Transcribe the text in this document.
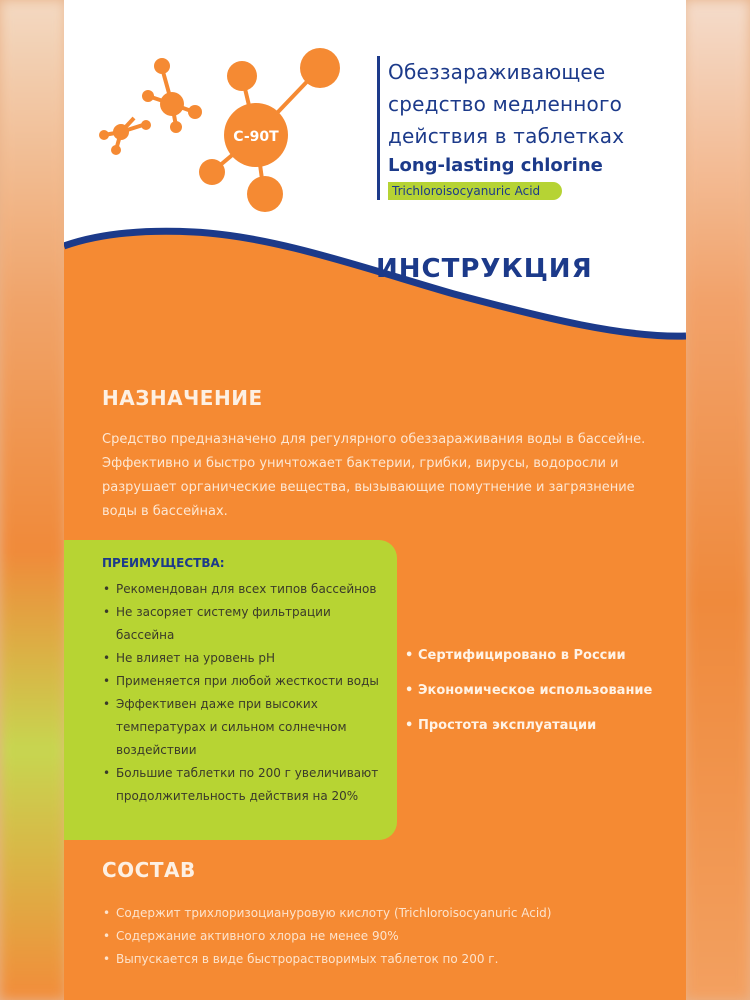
C-90T
Обеззараживающее
средство медленного
действия в таблетках
Long-lasting chlorine
Trichloroisocyanuric Acid
ИНСТРУКЦИЯ
НАЗНАЧЕНИЕ
Средство предназначено для регулярного обеззараживания воды в бассейне. Эффективно и быстро уничтожает бактерии, грибки, вирусы, водоросли и разрушает органические вещества, вызывающие помутнение и загрязнение воды в бассейнах.
ПРЕИМУЩЕСТВА:
• Рекомендован для всех типов бассейнов
• Не засоряет систему фильтрации бассейна
• Не влияет на уровень pH
• Применяется при любой жесткости воды
• Эффективен даже при высоких температурах и сильном солнечном воздействии
• Большие таблетки по 200 г увеличивают продолжительность действия на 20%
• Сертифицировано в России
• Экономическое использование
• Простота эксплуатации
СОСТАВ
• Содержит трихлоризоциануровую кислоту (Trichloroisocyanuric Acid)
• Содержание активного хлора не менее 90%
• Выпускается в виде быстрорастворимых таблеток по 200 г.
